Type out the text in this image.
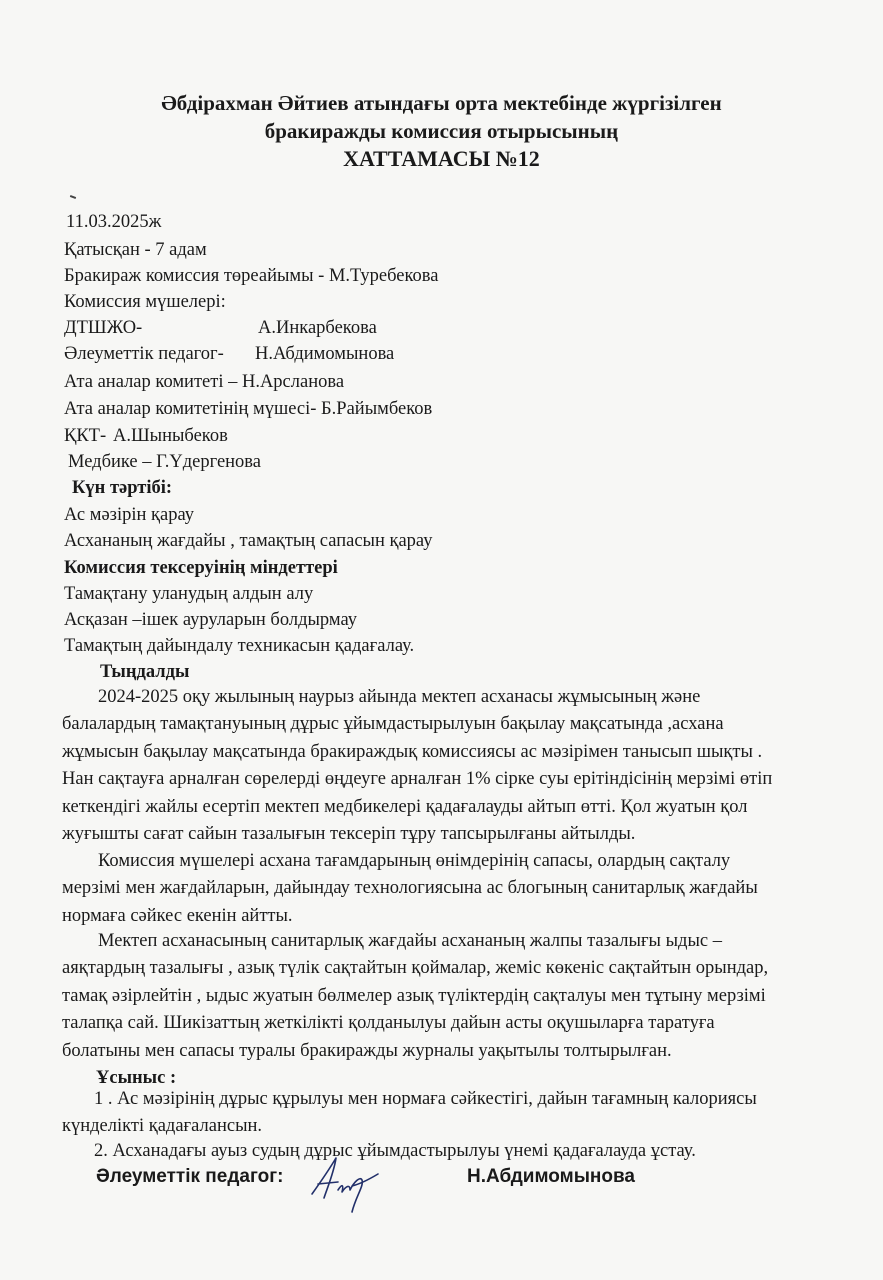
Әбдірахман Әйтиев атындағы орта мектебінде жүргізілген
бракиражды комиссия отырысының
ХАТТАМАСЫ №12
11.03.2025ж
Қатысқан - 7 адам
Бракираж комиссия төреайымы - М.Туребекова
Комиссия мүшелері:
ДТШЖО-	А.Инкарбекова
Әлеуметтік педагог- Н.Абдимомынова
Ата аналар комитеті – Н.Арсланова
Ата аналар комитетінің мүшесі- Б.Райымбеков
ҚКТ- А.Шыныбеков
Медбике – Г.Үдергенова
Күн тәртібі:
Ас мәзірін қарау
Асхананың жағдайы , тамақтың сапасын қарау
Комиссия тексеруінің міндеттері
Тамақтану уланудың алдын алу
Асқазан –ішек ауруларын болдырмау
Тамақтың дайындалу техникасын қадағалау.
Тыңдалды
2024-2025 оқу жылының наурыз айында мектеп асханасы жұмысының және
балалардың тамақтануының дұрыс ұйымдастырылуын бақылау мақсатында ,асхана
жұмысын бақылау мақсатында бракираждық комиссиясы ас мәзірімен танысып шықты .
Нан сақтауға арналған сөрелерді өңдеуге арналған 1% сірке суы ерітіндісінің мерзімі өтіп
кеткендігі жайлы есертіп мектеп медбикелері қадағалауды айтып өтті. Қол жуатын қол
жуғышты сағат сайын тазалығын тексеріп тұру тапсырылғаны айтылды.
Комиссия мүшелері асхана тағамдарының өнімдерінің сапасы, олардың сақталу
мерзімі мен жағдайларын, дайындау технологиясына ас блогының санитарлық жағдайы
нормаға сәйкес екенін айтты.
Мектеп асханасының санитарлық жағдайы асхананың жалпы тазалығы ыдыс –
аяқтардың тазалығы , азық түлік сақтайтын қоймалар, жеміс көкеніс сақтайтын орындар,
тамақ әзірлейтін , ыдыс жуатын бөлмелер азық түліктердің сақталуы мен тұтыну мерзімі
талапқа сай. Шикізаттың жеткілікті қолданылуы дайын асты оқушыларға таратуға
болатыны мен сапасы туралы бракиражды журналы уақытылы толтырылған.
Ұсыныс :
1 . Ас мәзірінің дұрыс құрылуы мен нормаға сәйкестігі, дайын тағамның калориясы
күнделікті қадағалансын.
2. Асханадағы ауыз судың дұрыс ұйымдастырылуы үнемі қадағалауда ұстау.
Әлеуметтік педагог:	Н.Абдимомынова
